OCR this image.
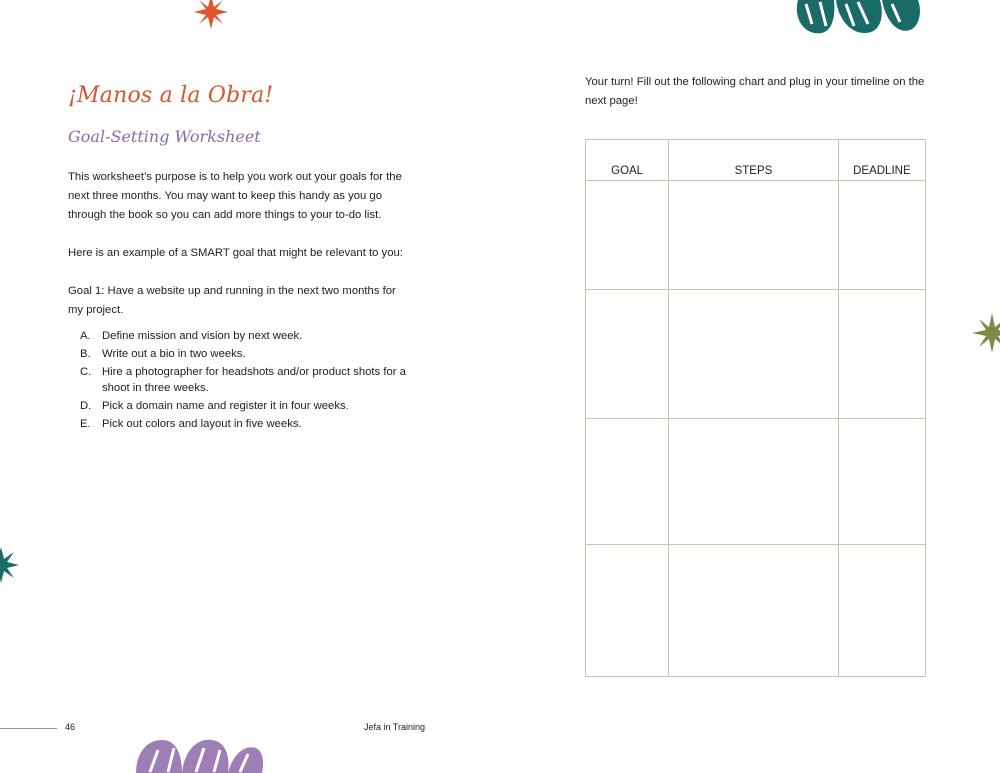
¡Manos a la Obra!
Goal-Setting Worksheet

This worksheet’s purpose is to help you work out your goals for the next three months. You may want to keep this handy as you go through the book so you can add more things to your to-do list.

Here is an example of a SMART goal that might be relevant to you:

Goal 1: Have a website up and running in the next two months for my project.

A.	Define mission and vision by next week.
B.	Write out a bio in two weeks.
C. Hire a photographer for headshots and/or product shots for a shoot in three weeks.
D. Pick a domain name and register it in four weeks.
E.	Pick out colors and layout in five weeks.

Your turn! Fill out the following chart and plug in your timeline on the next page!

GOAL	STEPS	DEADLINE

46	Jefa in Training
